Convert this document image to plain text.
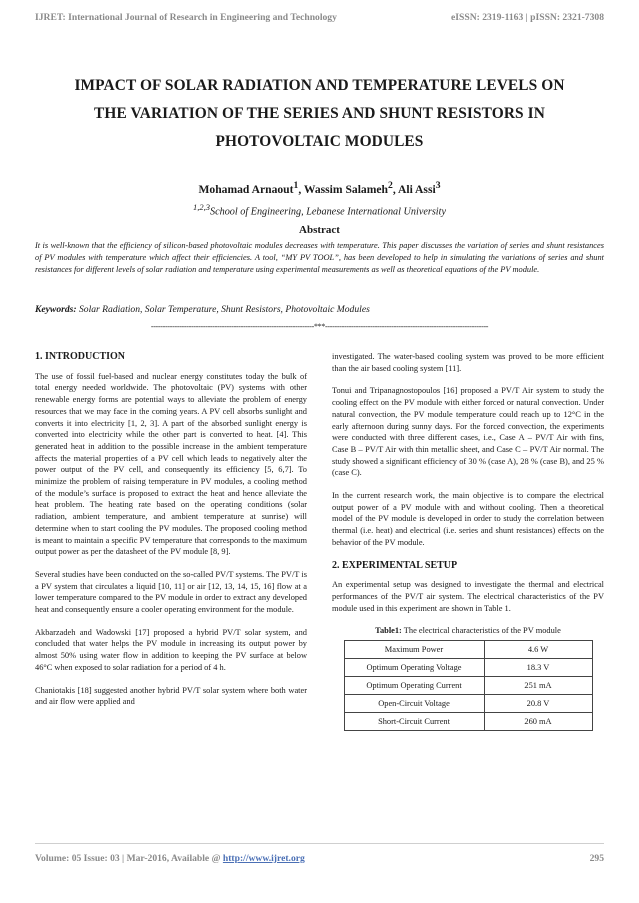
IJRET: International Journal of Research in Engineering and Technology	eISSN: 2319-1163 | pISSN: 2321-7308
IMPACT OF SOLAR RADIATION AND TEMPERATURE LEVELS ON
THE VARIATION OF THE SERIES AND SHUNT RESISTORS IN
PHOTOVOLTAIC MODULES
Mohamad Arnaout$^1$, Wassim Salameh$^2$, Ali Assi$^3$
$^{1,2,3}$School of Engineering, Lebanese International University
Abstract
It is well-known that the efficiency of silicon-based photovoltaic modules decreases with temperature. This paper discusses the variation of series and shunt resistances of PV modules with temperature which affect their efficiencies. A tool, “MY PV TOOL”, has been developed to help in simulating the variations of series and shunt resistances for different levels of solar radiation and temperature using experimental measurements as well as theoretical equations of the PV module.
Keywords: Solar Radiation, Solar Temperature, Shunt Resistors, Photovoltaic Modules
---------------------------------------------------------------------***---------------------------------------------------------------------
1. INTRODUCTION

The use of fossil fuel-based and nuclear energy constitutes today the bulk of total energy needed worldwide. The photovoltaic (PV) systems with other renewable energy forms are potential ways to alleviate the problem of energy resources that we may face in the coming years. A PV cell absorbs sunlight and converts it into electricity [1, 2, 3]. A part of the absorbed sunlight energy is converted into electricity while the other part is converted to heat. [4]. This generated heat in addition to the possible increase in the ambient temperature affects the material properties of a PV cell which leads to negatively alter the power output of the PV cell, and consequently its efficiency [5, 6,7]. To minimize the problem of raising temperature in PV modules, a cooling method of the module’s surface is proposed to extract the heat and hence alleviate the heat problem. The heating rate based on the operating conditions (solar radiation, ambient temperature, and ambient temperature at sunrise) will determine when to start cooling the PV modules. The proposed cooling method is meant to maintain a specific PV temperature that corresponds to the maximum output power as per the datasheet of the PV module [8, 9].

Several studies have been conducted on the so-called PV/T systems. The PV/T is a PV system that circulates a liquid [10, 11] or air [12, 13, 14, 15, 16] flow at a lower temperature compared to the PV module in order to extract any developed heat and consequently ensure a cooler operating environment for the module.

Akbarzadeh and Wadowski [17] proposed a hybrid PV/T solar system, and concluded that water helps the PV module in increasing its output power by almost 50% using water flow in addition to keeping the PV surface at below 46°C when exposed to solar radiation for a period of 4 h.

Chaniotakis [18] suggested another hybrid PV/T solar system where both water and air flow were applied and

investigated. The water-based cooling system was proved to be more efficient than the air based cooling system [11].

Tonui and Tripanagnostopoulos [16] proposed a PV/T Air system to study the cooling effect on the PV module with either forced or natural convection. Under natural convection, the PV module temperature could reach up to 12°C in the early afternoon during sunny days. For the forced convection, the experiments were conducted with three different cases, i.e., Case A – PV/T Air with fins, Case B – PV/T Air with thin metallic sheet, and Case C – PV/T Air normal. The study showed a significant efficiency of 30 % (case A), 28 % (case B), and 25 % (case C).

In the current research work, the main objective is to compare the electrical output power of a PV module with and without cooling. Then a theoretical model of the PV module is developed in order to study the correlation between thermal (i.e. heat) and electrical (i.e. series and shunt resistances) effects on the behavior of the PV module.

2. EXPERIMENTAL SETUP

An experimental setup was designed to investigate the thermal and electrical performances of the PV/T air system. The electrical characteristics of the PV module used in this experiment are shown in Table 1.

Table1: The electrical characteristics of the PV module
Maximum Power	4.6 W
Optimum Operating Voltage	18.3 V
Optimum Operating Current	251 mA
Open-Circuit Voltage	20.8 V
Short-Circuit Current	260 mA
Volume: 05 Issue: 03 | Mar-2016, Available @ http://www.ijret.org	295
